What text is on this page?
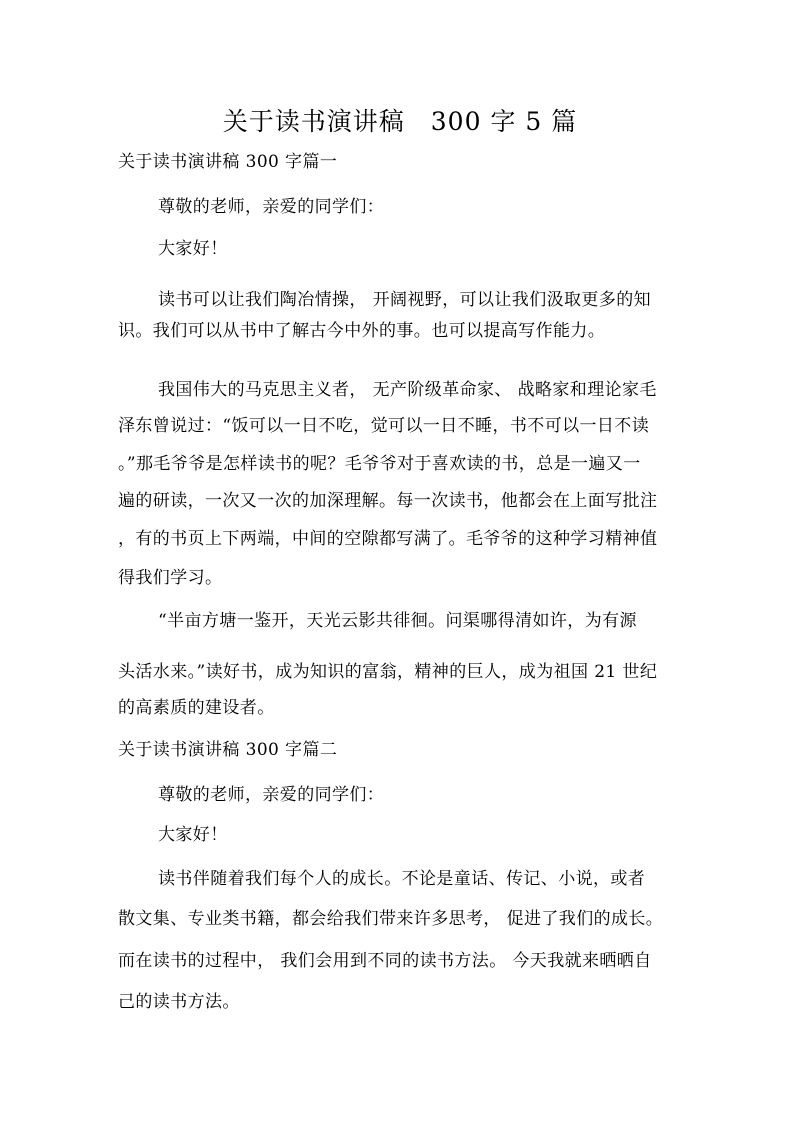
关于读书演讲稿　300 字 5 篇
关于读书演讲稿 300 字篇一
尊敬的老师，亲爱的同学们：
大家好！
读书可以让我们陶冶情操， 开阔视野，可以让我们汲取更多的知
识。我们可以从书中了解古今中外的事。也可以提高写作能力。
我国伟大的马克思主义者， 无产阶级革命家、 战略家和理论家毛
泽东曾说过：“饭可以一日不吃，觉可以一日不睡，书不可以一日不读
。”那毛爷爷是怎样读书的呢？毛爷爷对于喜欢读的书，总是一遍又一
遍的研读，一次又一次的加深理解。每一次读书，他都会在上面写批注
，有的书页上下两端，中间的空隙都写满了。毛爷爷的这种学习精神值
得我们学习。
“半亩方塘一鉴开，天光云影共徘徊。问渠哪得清如许，为有源
头活水来。”读好书，成为知识的富翁，精神的巨人，成为祖国 21 世纪
的高素质的建设者。
关于读书演讲稿 300 字篇二
尊敬的老师，亲爱的同学们：
大家好！
读书伴随着我们每个人的成长。不论是童话、传记、小说，或者
散文集、专业类书籍，都会给我们带来许多思考， 促进了我们的成长。
而在读书的过程中， 我们会用到不同的读书方法。 今天我就来晒晒自
己的读书方法。
